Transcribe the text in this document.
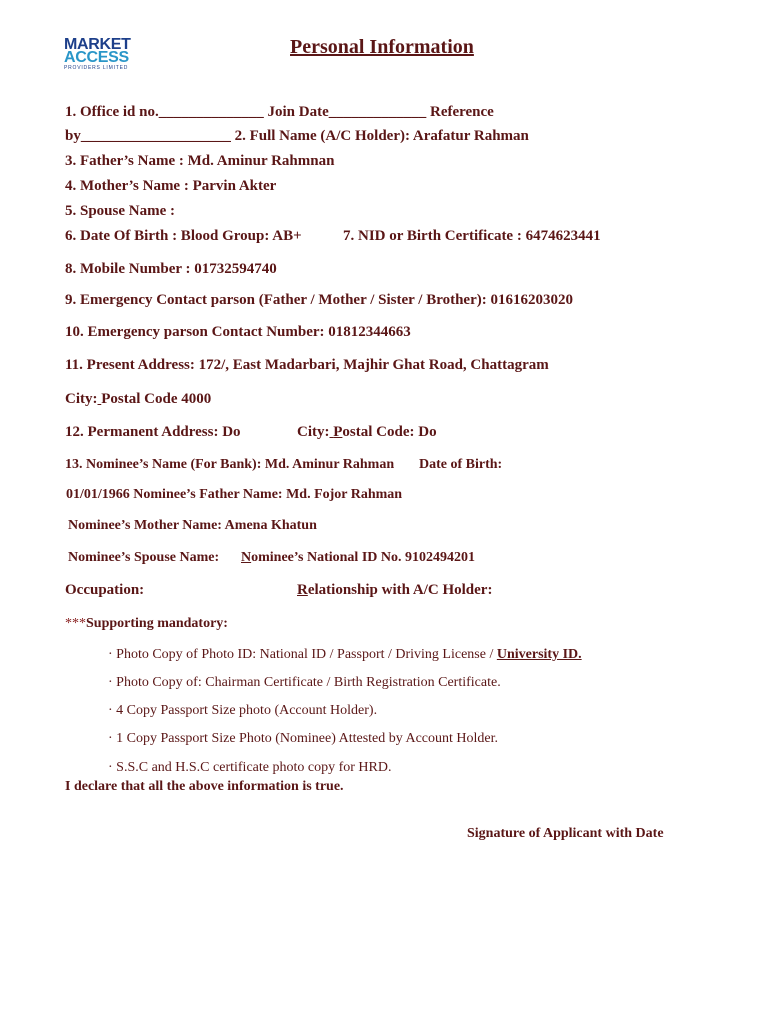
MARKET
ACCESS
PROVIDERS LIMITED
Personal Information
1. Office id no.______________ Join Date_____________ Reference
by____________________ 2. Full Name (A/C Holder): Arafatur Rahman
3. Father’s Name : Md. Aminur Rahmnan
4. Mother’s Name : Parvin Akter
5. Spouse Name :
6. Date Of Birth : Blood Group: AB+	7. NID or Birth Certificate : 6474623441
8. Mobile Number : 01732594740
9. Emergency Contact parson (Father / Mother / Sister / Brother): 01616203020
10. Emergency parson Contact Number: 01812344663
11. Present Address: 172/, East Madarbari, Majhir Ghat Road, Chattagram
City: Postal Code 4000
12. Permanent Address: Do	City: Postal Code: Do
13. Nominee’s Name (For Bank): Md. Aminur Rahman Date of Birth:
01/01/1966 Nominee’s Father Name: Md. Fojor Rahman
Nominee’s Mother Name: Amena Khatun
Nominee’s Spouse Name: Nominee’s National ID No. 9102494201
Occupation:	Relationship with A/C Holder:
***Supporting mandatory:
· Photo Copy of Photo ID: National ID / Passport / Driving License / University ID.
· Photo Copy of: Chairman Certificate / Birth Registration Certificate.
· 4 Copy Passport Size photo (Account Holder).
· 1 Copy Passport Size Photo (Nominee) Attested by Account Holder.
· S.S.C and H.S.C certificate photo copy for HRD.
I declare that all the above information is true.
Signature of Applicant with Date
